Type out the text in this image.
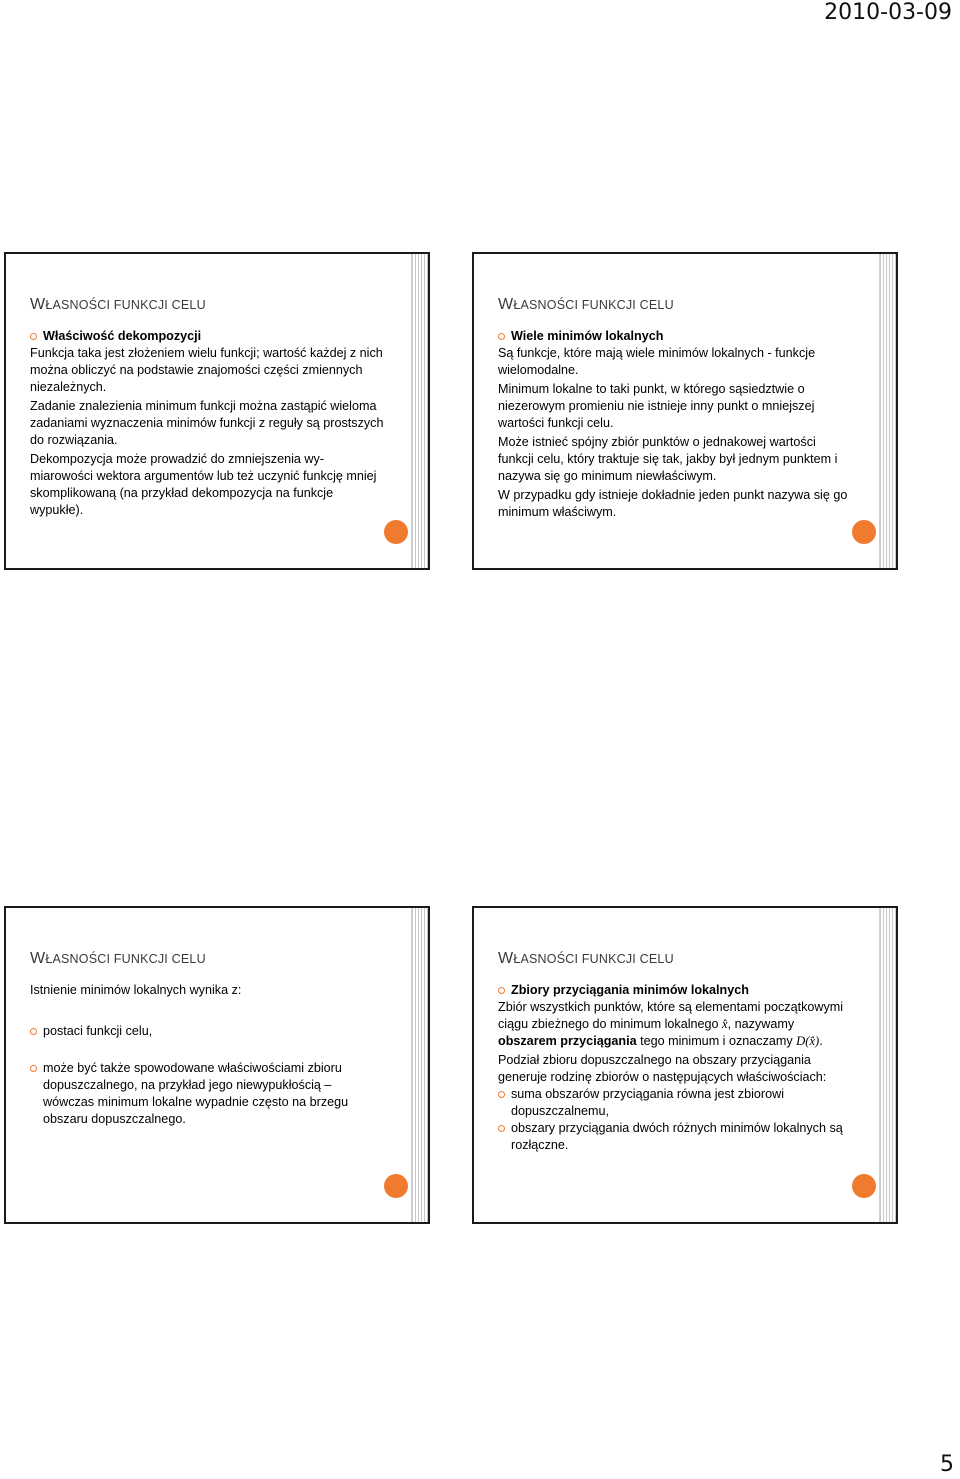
2010-03-09
WŁASNOŚCI FUNKCJI CELU
Właściwość dekompozycji

Funkcja taka jest złożeniem wielu funkcji; wartość każdej z nich można obliczyć na podstawie znajomości części zmiennych niezależnych.

Zadanie znalezienia minimum funkcji można zastąpić wieloma zadaniami wyznaczenia minimów funkcji z reguły są prostszych do rozwiązania.

Dekompozycja może prowadzić do zmniejszenia wy-miarowości wektora argumentów lub też uczynić funkcję mniej skomplikowaną (na przykład dekompozycja na funkcje wypukłe).

WŁASNOŚCI FUNKCJI CELU
Wiele minimów lokalnych

Są funkcje, które mają wiele minimów lokalnych - funkcje wielomodalne.

Minimum lokalne to taki punkt, w którego sąsiedztwie o niezerowym promieniu nie istnieje inny punkt o mniejszej wartości funkcji celu.

Może istnieć spójny zbiór punktów o jednakowej wartości funkcji celu, który traktuje się tak, jakby był jednym punktem i nazywa się go minimum niewłaściwym.

W przypadku gdy istnieje dokładnie jeden punkt nazywa się go minimum właściwym.

WŁASNOŚCI FUNKCJI CELU

Istnienie minimów lokalnych wynika z:

postaci funkcji celu,
może być także spowodowane właściwościami zbioru dopuszczalnego, na przykład jego niewypukłością – wówczas minimum lokalne wypadnie często na brzegu obszaru dopuszczalnego.
WŁASNOŚCI FUNKCJI CELU
Zbiory przyciągania minimów lokalnych

Zbiór wszystkich punktów, które są elementami początkowymi ciągu zbieżnego do minimum lokalnego x̂, nazywamy obszarem przyciągania tego minimum i oznaczamy D(x̂).

Podział zbioru dopuszczalnego na obszary przyciągania generuje rodzinę zbiorów o następujących właściwościach:

suma obszarów przyciągania równa jest zbiorowi dopuszczalnemu,
obszary przyciągania dwóch różnych minimów lokalnych są rozłączne.
5
